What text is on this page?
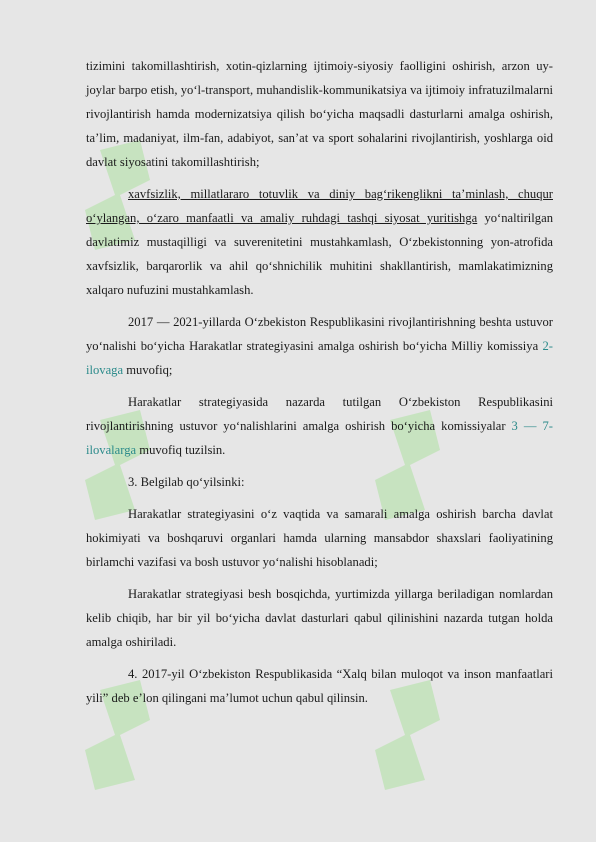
tizimini takomillashtirish, xotin-qizlarning ijtimoiy-siyosiy faolligini oshirish, arzon uy-joylar barpo etish, yo‘l-transport, muhandislik-kommunikatsiya va ijtimoiy infratuzilmalarni rivojlantirish hamda modernizatsiya qilish bo‘yicha maqsadli dasturlarni amalga oshirish, ta’lim, madaniyat, ilm-fan, adabiyot, san’at va sport sohalarini rivojlantirish, yoshlarga oid davlat siyosatini takomillashtirish;

xavfsizlik, millatlararo totuvlik va diniy bag‘rikenglikni ta’minlash, chuqur o‘ylangan, o‘zaro manfaatli va amaliy ruhdagi tashqi siyosat yuritishga yo‘naltirilgan davlatimiz mustaqilligi va suverenitetini mustahkamlash, O‘zbekistonning yon-atrofida xavfsizlik, barqarorlik va ahil qo‘shnichilik muhitini shakllantirish, mamlakatimizning xalqaro nufuzini mustahkamlash.

2017 — 2021-yillarda O‘zbekiston Respublikasini rivojlantirishning beshta ustuvor yo‘nalishi bo‘yicha Harakatlar strategiyasini amalga oshirish bo‘yicha Milliy komissiya 2-ilovaga muvofiq;

Harakatlar strategiyasida nazarda tutilgan O‘zbekiston Respublikasini rivojlantirishning ustuvor yo‘nalishlarini amalga oshirish bo‘yicha komissiyalar 3 — 7-ilovalarga muvofiq tuzilsin.

3. Belgilab qo‘yilsinki:

Harakatlar strategiyasini o‘z vaqtida va samarali amalga oshirish barcha davlat hokimiyati va boshqaruvi organlari hamda ularning mansabdor shaxslari faoliyatining birlamchi vazifasi va bosh ustuvor yo‘nalishi hisoblanadi;

Harakatlar strategiyasi besh bosqichda, yurtimizda yillarga beriladigan nomlardan kelib chiqib, har bir yil bo‘yicha davlat dasturlari qabul qilinishini nazarda tutgan holda amalga oshiriladi.

4. 2017-yil O‘zbekiston Respublikasida “Xalq bilan muloqot va inson manfaatlari yili” deb e’lon qilingani ma’lumot uchun qabul qilinsin.
